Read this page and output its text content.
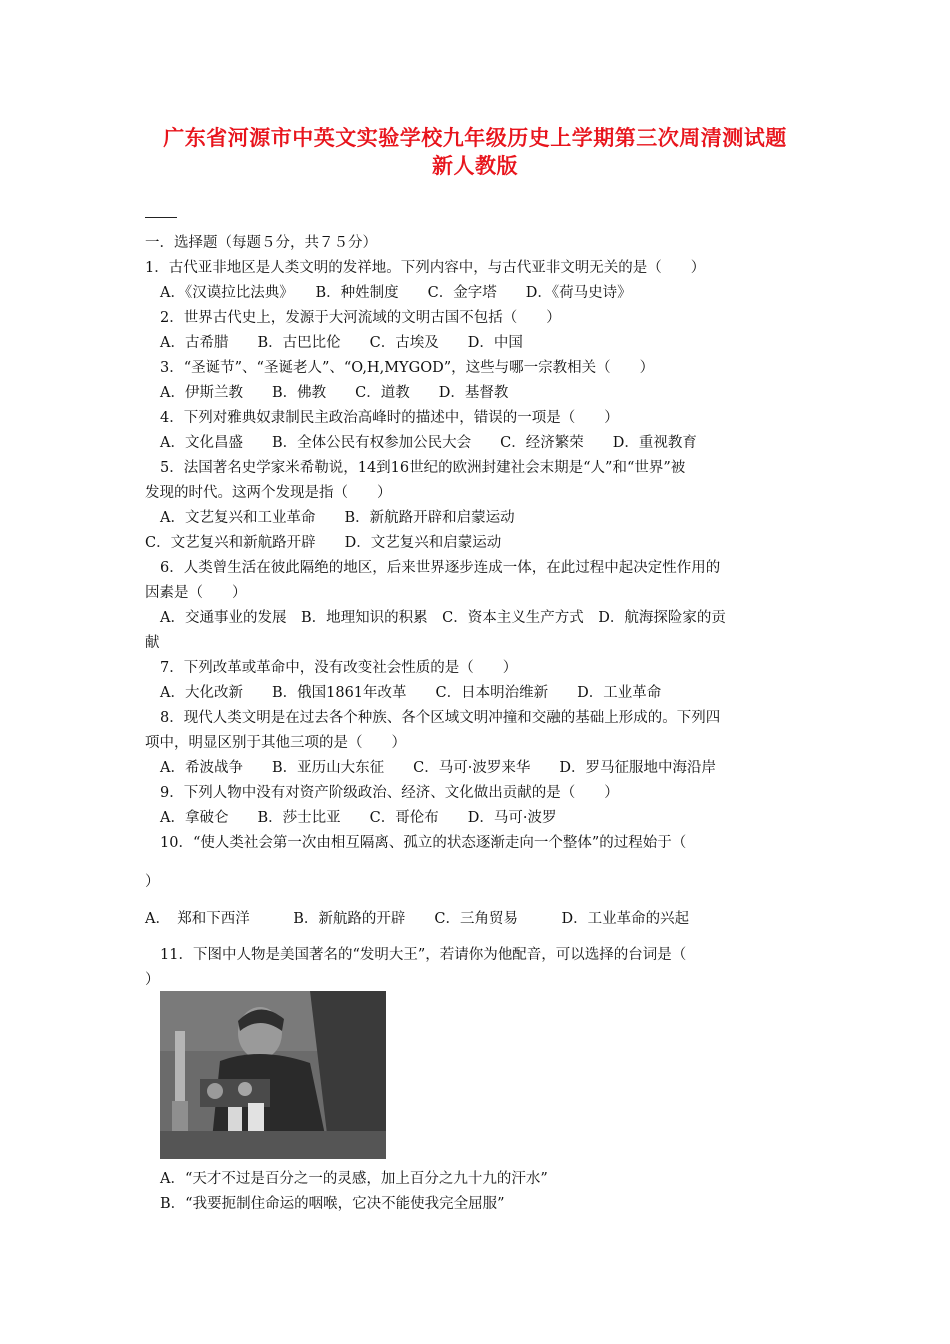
广东省河源市中英文实验学校九年级历史上学期第三次周清测试题
新人教版
一．选择题（每题５分，共７５分）
1．古代亚非地区是人类文明的发祥地。下列内容中，与古代亚非文明无关的是（　　）
A．《汉谟拉比法典》　　B．种姓制度　　C．金字塔　　D．《荷马史诗》
2．世界古代史上，发源于大河流域的文明古国不包括（　　）
A．古希腊　　B．古巴比伦　　C．古埃及　　D．中国
3．“圣诞节”、“圣诞老人”、“O,H,MYGOD”，这些与哪一宗教相关（　　）
A．伊斯兰教　　B．佛教　　C．道教　　D．基督教
4．下列对雅典奴隶制民主政治高峰时的描述中，错误的一项是（　　）
A．文化昌盛　　B．全体公民有权参加公民大会　　C．经济繁荣　　D．重视教育
5．法国著名史学家米希勒说，14到16世纪的欧洲封建社会末期是“人”和“世界”被
发现的时代。这两个发现是指（　　）
A．文艺复兴和工业革命　　B．新航路开辟和启蒙运动
C．文艺复兴和新航路开辟　　D．文艺复兴和启蒙运动
6．人类曾生活在彼此隔绝的地区，后来世界逐步连成一体，在此过程中起决定性作用的
因素是（　　）
A．交通事业的发展　B．地理知识的积累　C．资本主义生产方式　D．航海探险家的贡
献
7．下列改革或革命中，没有改变社会性质的是（　　）
A．大化改新　　B．俄国1861年改革　　C．日本明治维新　　D．工业革命
8．现代人类文明是在过去各个种族、各个区域文明冲撞和交融的基础上形成的。下列四
项中，明显区别于其他三项的是（　　）
A．希波战争　　B．亚历山大东征　　C．马可·波罗来华　　D．罗马征服地中海沿岸
9．下列人物中没有对资产阶级政治、经济、文化做出贡献的是（　　）
A．拿破仑　　B．莎士比亚　　C．哥伦布　　D．马可·波罗
10．“使人类社会第一次由相互隔离、孤立的状态逐渐走向一个整体”的过程始于（
）
A．　郑和下西洋　　　B．新航路的开辟　　C．三角贸易　　　D．工业革命的兴起
11．下图中人物是美国著名的“发明大王”，若请你为他配音，可以选择的台词是（
）
A．“天才不过是百分之一的灵感，加上百分之九十九的汗水”
B．“我要扼制住命运的咽喉，它决不能使我完全屈服”
